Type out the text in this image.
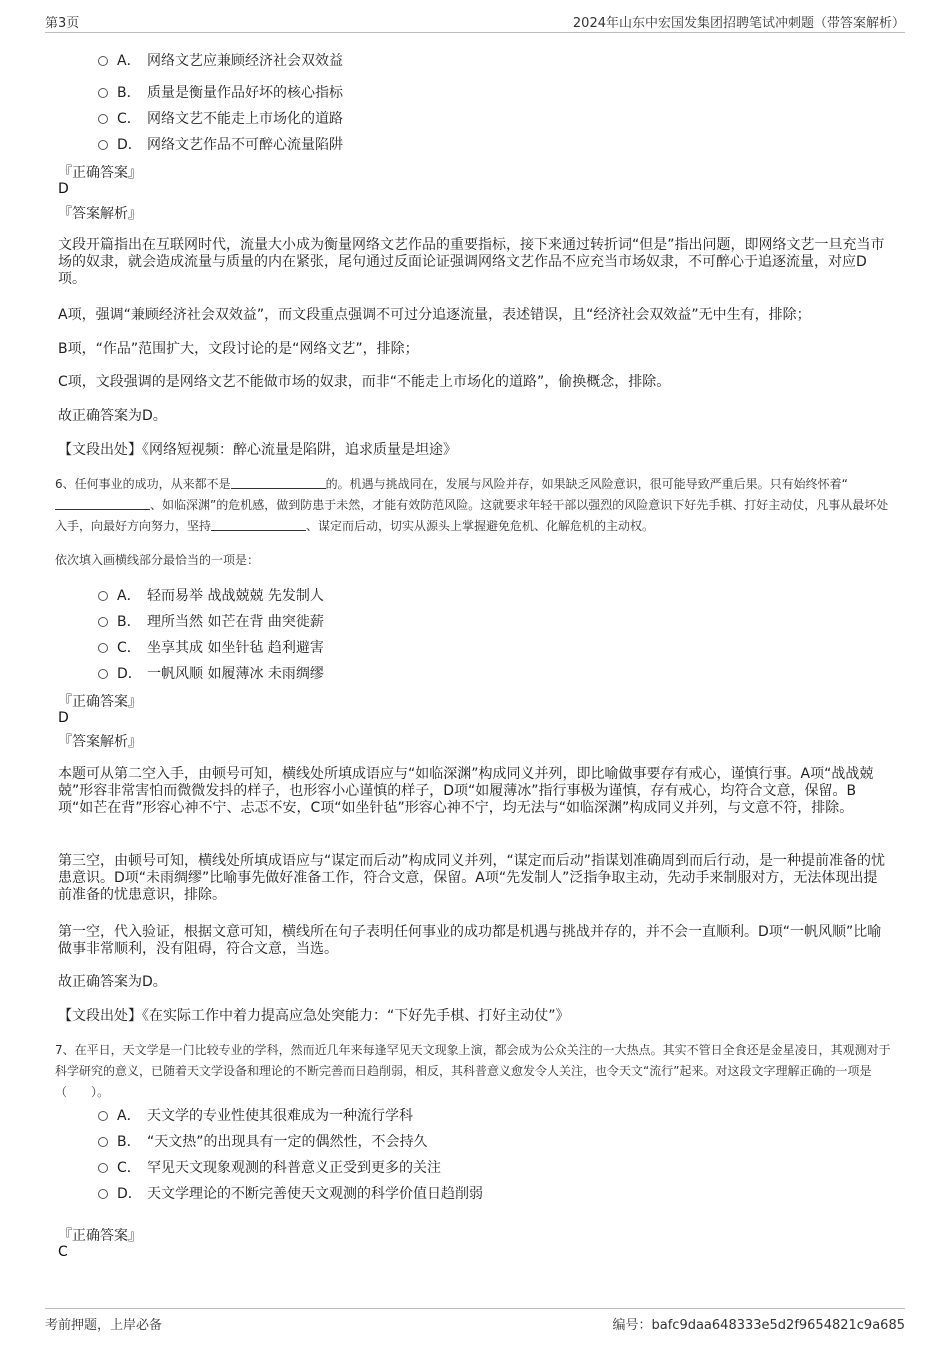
第3页	2024年山东中宏国发集团招聘笔试冲刺题（带答案解析）
A． 网络文艺应兼顾经济社会双效益
B． 质量是衡量作品好坏的核心指标
C． 网络文艺不能走上市场化的道路
D． 网络文艺作品不可醉心流量陷阱
『正确答案』
D
『答案解析』
文段开篇指出在互联网时代，流量大小成为衡量网络文艺作品的重要指标，接下来通过转折词“但是”指出问题，即网络文艺一旦充当市场的奴隶，就会造成流量与质量的内在紧张，尾句通过反面论证强调网络文艺作品不应充当市场奴隶，不可醉心于追逐流量，对应D项。
A项，强调“兼顾经济社会双效益”，而文段重点强调不可过分追逐流量，表述错误，且“经济社会双效益”无中生有，排除；
B项，“作品”范围扩大，文段讨论的是“网络文艺”，排除；
C项，文段强调的是网络文艺不能做市场的奴隶，而非“不能走上市场化的道路”，偷换概念，排除。
故正确答案为D。
【文段出处】《网络短视频：醉心流量是陷阱，追求质量是坦途》
6、任何事业的成功，从来都不是	的。机遇与挑战同在，发展与风险并存，如果缺乏风险意识，很可能导致严重后果。只有始终怀着“、如临深渊”的危机感，做到防患于未然，才能有效防范风险。这就要求年轻干部以强烈的风险意识下好先手棋、打好主动仗，凡事从最坏处入手，向最好方向努力，坚持	、谋定而后动，切实从源头上掌握避免危机、化解危机的主动权。
依次填入画横线部分最恰当的一项是：
A． 轻而易举 战战兢兢 先发制人
B． 理所当然 如芒在背 曲突徙薪
C． 坐享其成 如坐针毡 趋利避害
D． 一帆风顺 如履薄冰 未雨绸缪
『正确答案』
D
『答案解析』
本题可从第二空入手，由顿号可知，横线处所填成语应与“如临深渊”构成同义并列，即比喻做事要存有戒心，谨慎行事。A项“战战兢兢”形容非常害怕而微微发抖的样子，也形容小心谨慎的样子，D项“如履薄冰”指行事极为谨慎，存有戒心，均符合文意，保留。B项“如芒在背”形容心神不宁、忐忑不安，C项“如坐针毡”形容心神不宁，均无法与“如临深渊”构成同义并列，与文意不符，排除。
第三空，由顿号可知，横线处所填成语应与“谋定而后动”构成同义并列，“谋定而后动”指谋划准确周到而后行动，是一种提前准备的忧患意识。D项“未雨绸缪”比喻事先做好准备工作，符合文意，保留。A项“先发制人”泛指争取主动，先动手来制服对方，无法体现出提前准备的忧患意识，排除。
第一空，代入验证，根据文意可知，横线所在句子表明任何事业的成功都是机遇与挑战并存的，并不会一直顺利。D项“一帆风顺”比喻做事非常顺利，没有阻碍，符合文意，当选。
故正确答案为D。
【文段出处】《在实际工作中着力提高应急处突能力：“下好先手棋、打好主动仗”》
7、在平日，天文学是一门比较专业的学科，然而近几年来每逢罕见天文现象上演，都会成为公众关注的一大热点。其实不管日全食还是金星凌日，其观测对于科学研究的意义，已随着天文学设备和理论的不断完善而日趋削弱，相反，其科普意义愈发令人关注，也令天文“流行”起来。对这段文字理解正确的一项是（　　）。
A． 天文学的专业性使其很难成为一种流行学科
B． “天文热”的出现具有一定的偶然性，不会持久
C． 罕见天文现象观测的科普意义正受到更多的关注
D． 天文学理论的不断完善使天文观测的科学价值日趋削弱
『正确答案』
C
考前押题，上岸必备	编号：bafc9daa648333e5d2f9654821c9a685
